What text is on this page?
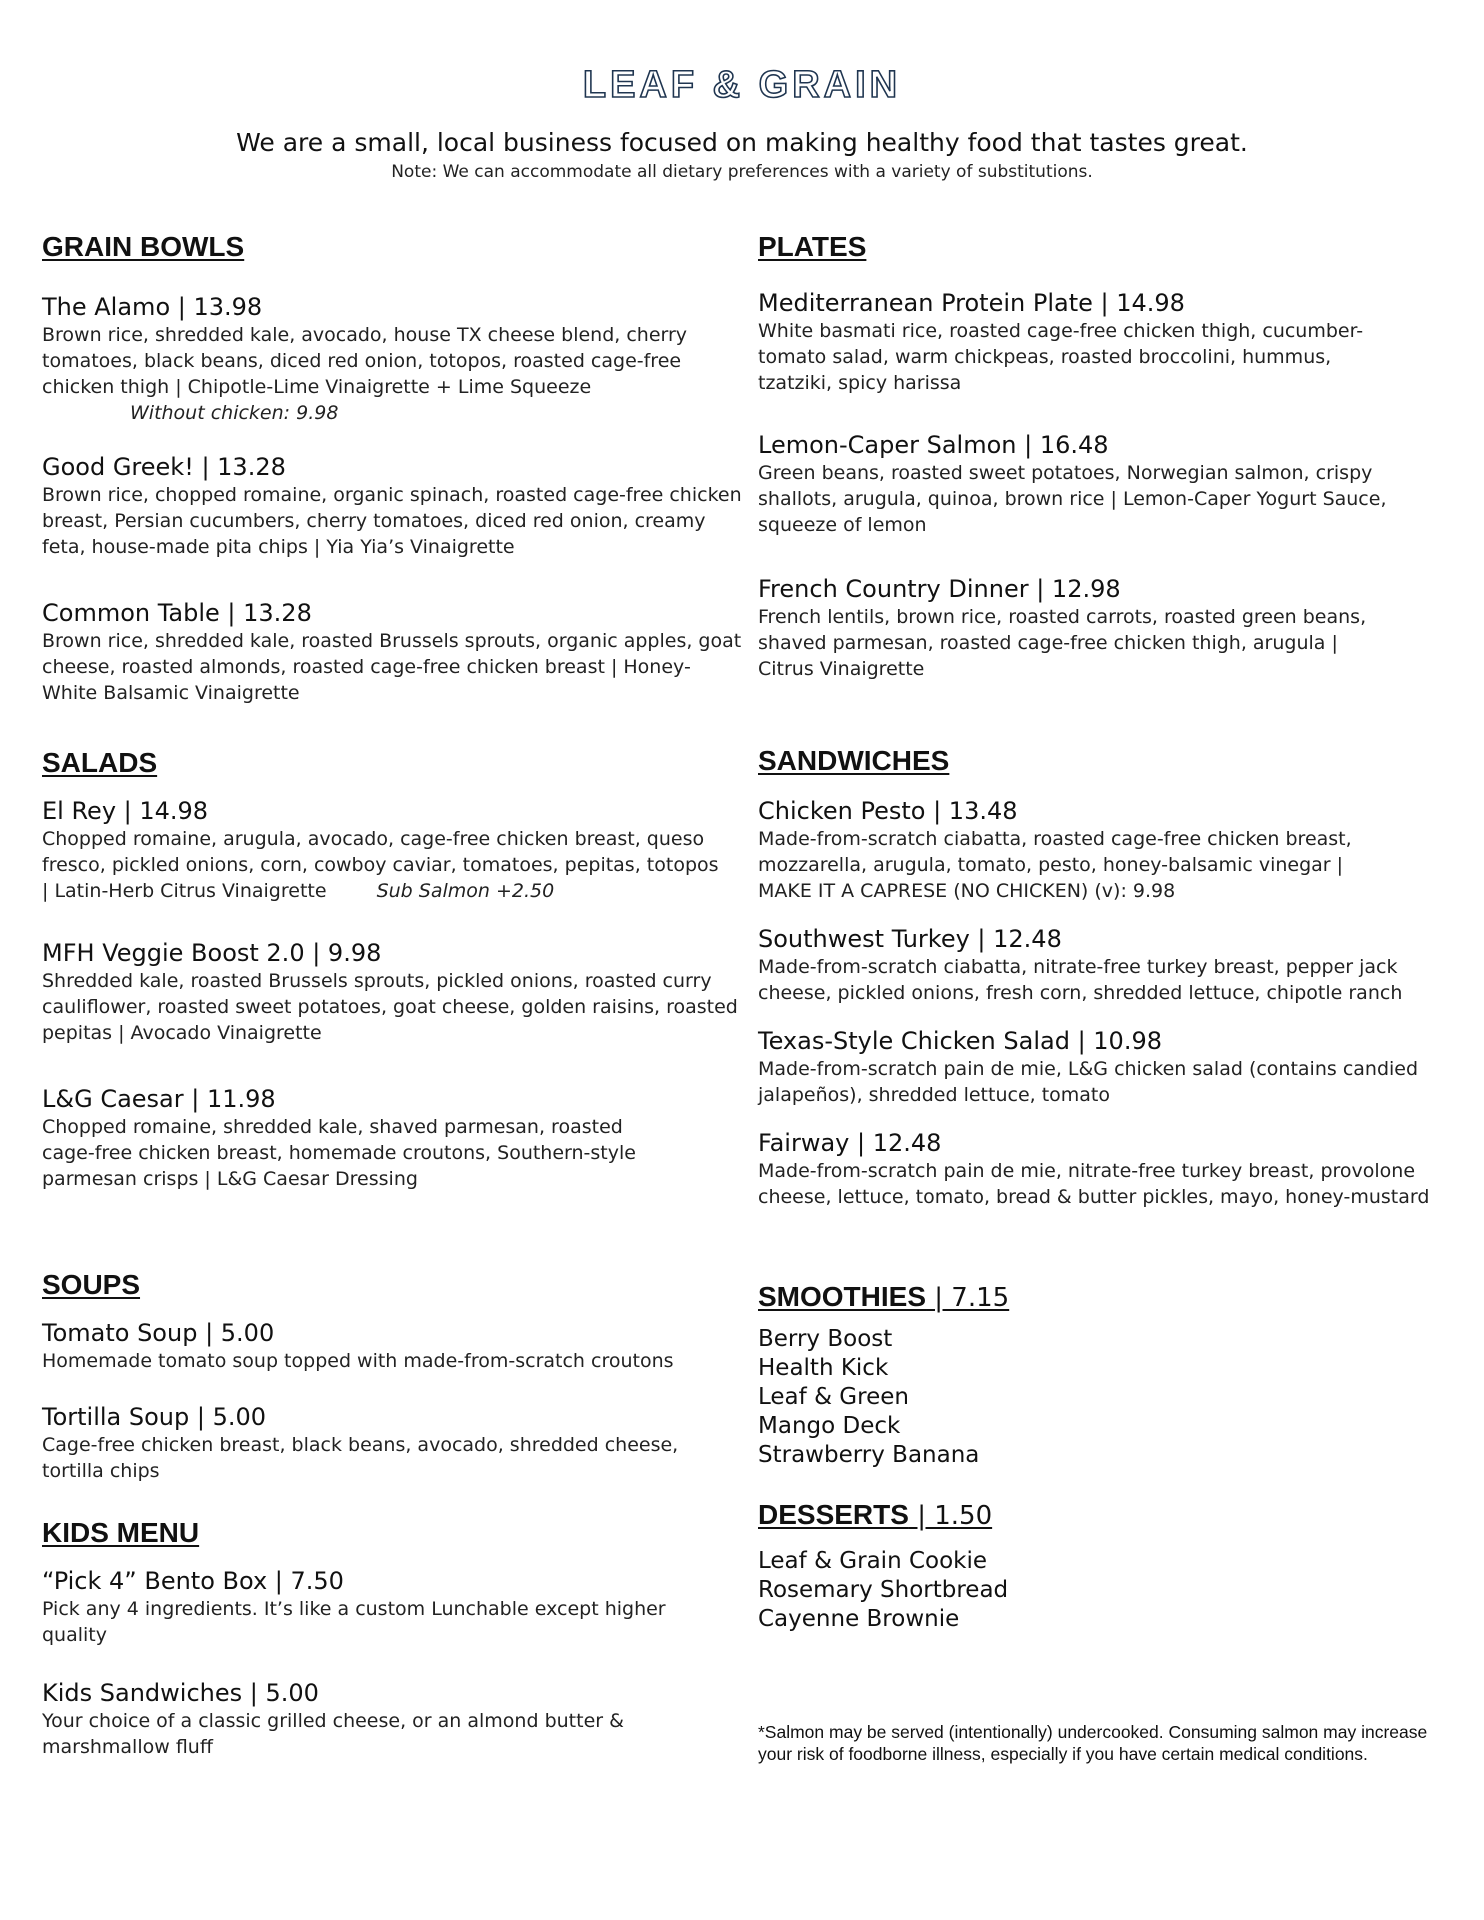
LEAF & GRAIN
We are a small, local business focused on making healthy food that tastes great.
Note: We can accommodate all dietary preferences with a variety of substitutions.
GRAIN BOWLS
The Alamo | 13.98
Brown rice, shredded kale, avocado, house TX cheese blend, cherry tomatoes, black beans, diced red onion, totopos, roasted cage-free chicken thigh | Chipotle-Lime Vinaigrette + Lime Squeeze
Without chicken: 9.98
Good Greek! | 13.28
Brown rice, chopped romaine, organic spinach, roasted cage-free chicken breast, Persian cucumbers, cherry tomatoes, diced red onion, creamy feta, house-made pita chips | Yia Yia’s Vinaigrette
Common Table | 13.28
Brown rice, shredded kale, roasted Brussels sprouts, organic apples, goat cheese, roasted almonds, roasted cage-free chicken breast | Honey-White Balsamic Vinaigrette
SALADS
El Rey | 14.98
Chopped romaine, arugula, avocado, cage-free chicken breast, queso fresco, pickled onions, corn, cowboy caviar, tomatoes, pepitas, totopos | Latin-Herb Citrus Vinaigrette	Sub Salmon +2.50
MFH Veggie Boost 2.0 | 9.98
Shredded kale, roasted Brussels sprouts, pickled onions, roasted curry cauliflower, roasted sweet potatoes, goat cheese, golden raisins, roasted pepitas | Avocado Vinaigrette
L&G Caesar | 11.98
Chopped romaine, shredded kale, shaved parmesan, roasted cage-free chicken breast, homemade croutons, Southern-style parmesan crisps | L&G Caesar Dressing
SOUPS
Tomato Soup | 5.00
Homemade tomato soup topped with made-from-scratch croutons
Tortilla Soup | 5.00
Cage-free chicken breast, black beans, avocado, shredded cheese, tortilla chips
KIDS MENU
“Pick 4” Bento Box | 7.50
Pick any 4 ingredients. It’s like a custom Lunchable except higher quality
Kids Sandwiches | 5.00
Your choice of a classic grilled cheese, or an almond butter & marshmallow fluff
PLATES
Mediterranean Protein Plate | 14.98
White basmati rice, roasted cage-free chicken thigh, cucumber-tomato salad, warm chickpeas, roasted broccolini, hummus, tzatziki, spicy harissa
Lemon-Caper Salmon | 16.48
Green beans, roasted sweet potatoes, Norwegian salmon, crispy shallots, arugula, quinoa, brown rice | Lemon-Caper Yogurt Sauce, squeeze of lemon
French Country Dinner | 12.98
French lentils, brown rice, roasted carrots, roasted green beans, shaved parmesan, roasted cage-free chicken thigh, arugula | Citrus Vinaigrette
SANDWICHES
Chicken Pesto | 13.48
Made-from-scratch ciabatta, roasted cage-free chicken breast, mozzarella, arugula, tomato, pesto, honey-balsamic vinegar |
MAKE IT A CAPRESE (NO CHICKEN) (v): 9.98
Southwest Turkey | 12.48
Made-from-scratch ciabatta, nitrate-free turkey breast, pepper jack cheese, pickled onions, fresh corn, shredded lettuce, chipotle ranch
Texas-Style Chicken Salad | 10.98
Made-from-scratch pain de mie, L&G chicken salad (contains candied jalapeños), shredded lettuce, tomato
Fairway | 12.48
Made-from-scratch pain de mie, nitrate-free turkey breast, provolone cheese, lettuce, tomato, bread & butter pickles, mayo, honey-mustard
SMOOTHIES | 7.15
Berry Boost
Health Kick
Leaf & Green
Mango Deck
Strawberry Banana
DESSERTS | 1.50
Leaf & Grain Cookie
Rosemary Shortbread
Cayenne Brownie
*Salmon may be served (intentionally) undercooked. Consuming salmon may increase your risk of foodborne illness, especially if you have certain medical conditions.
